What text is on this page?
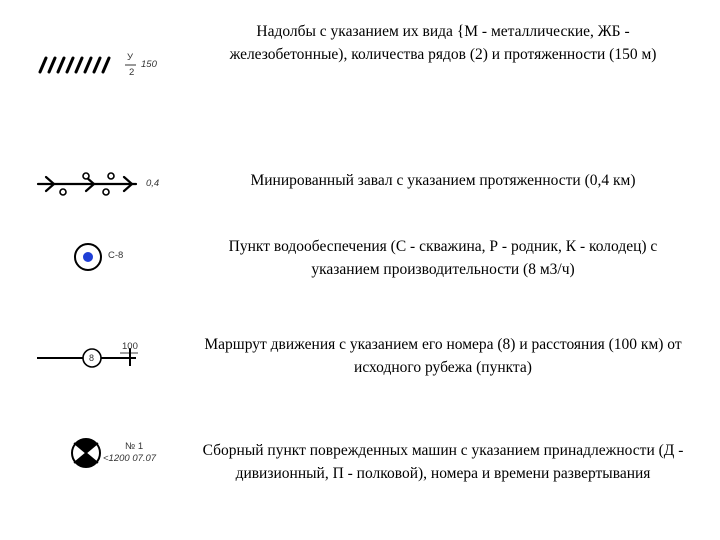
У
2
150
Надолбы с указанием их вида {М - металлические, ЖБ - железобетонные), количества рядов (2) и протяженности (150 м)
0,4	Минированный завал с указанием протяженности (0,4 км)
С-8
Пункт водообеспечения (С - скважина, Р - родник, К - колодец) с указанием производительности (8 м3/ч)
8
100	Маршрут движения с указанием его номера (8) и расстояния (100 км) от исходного рубежа (пункта)
№ 1
<1200 07.07	Сборный пункт поврежденных машин с указанием принадлежности (Д - дивизионный, П - полковой), номера и времени развертывания
